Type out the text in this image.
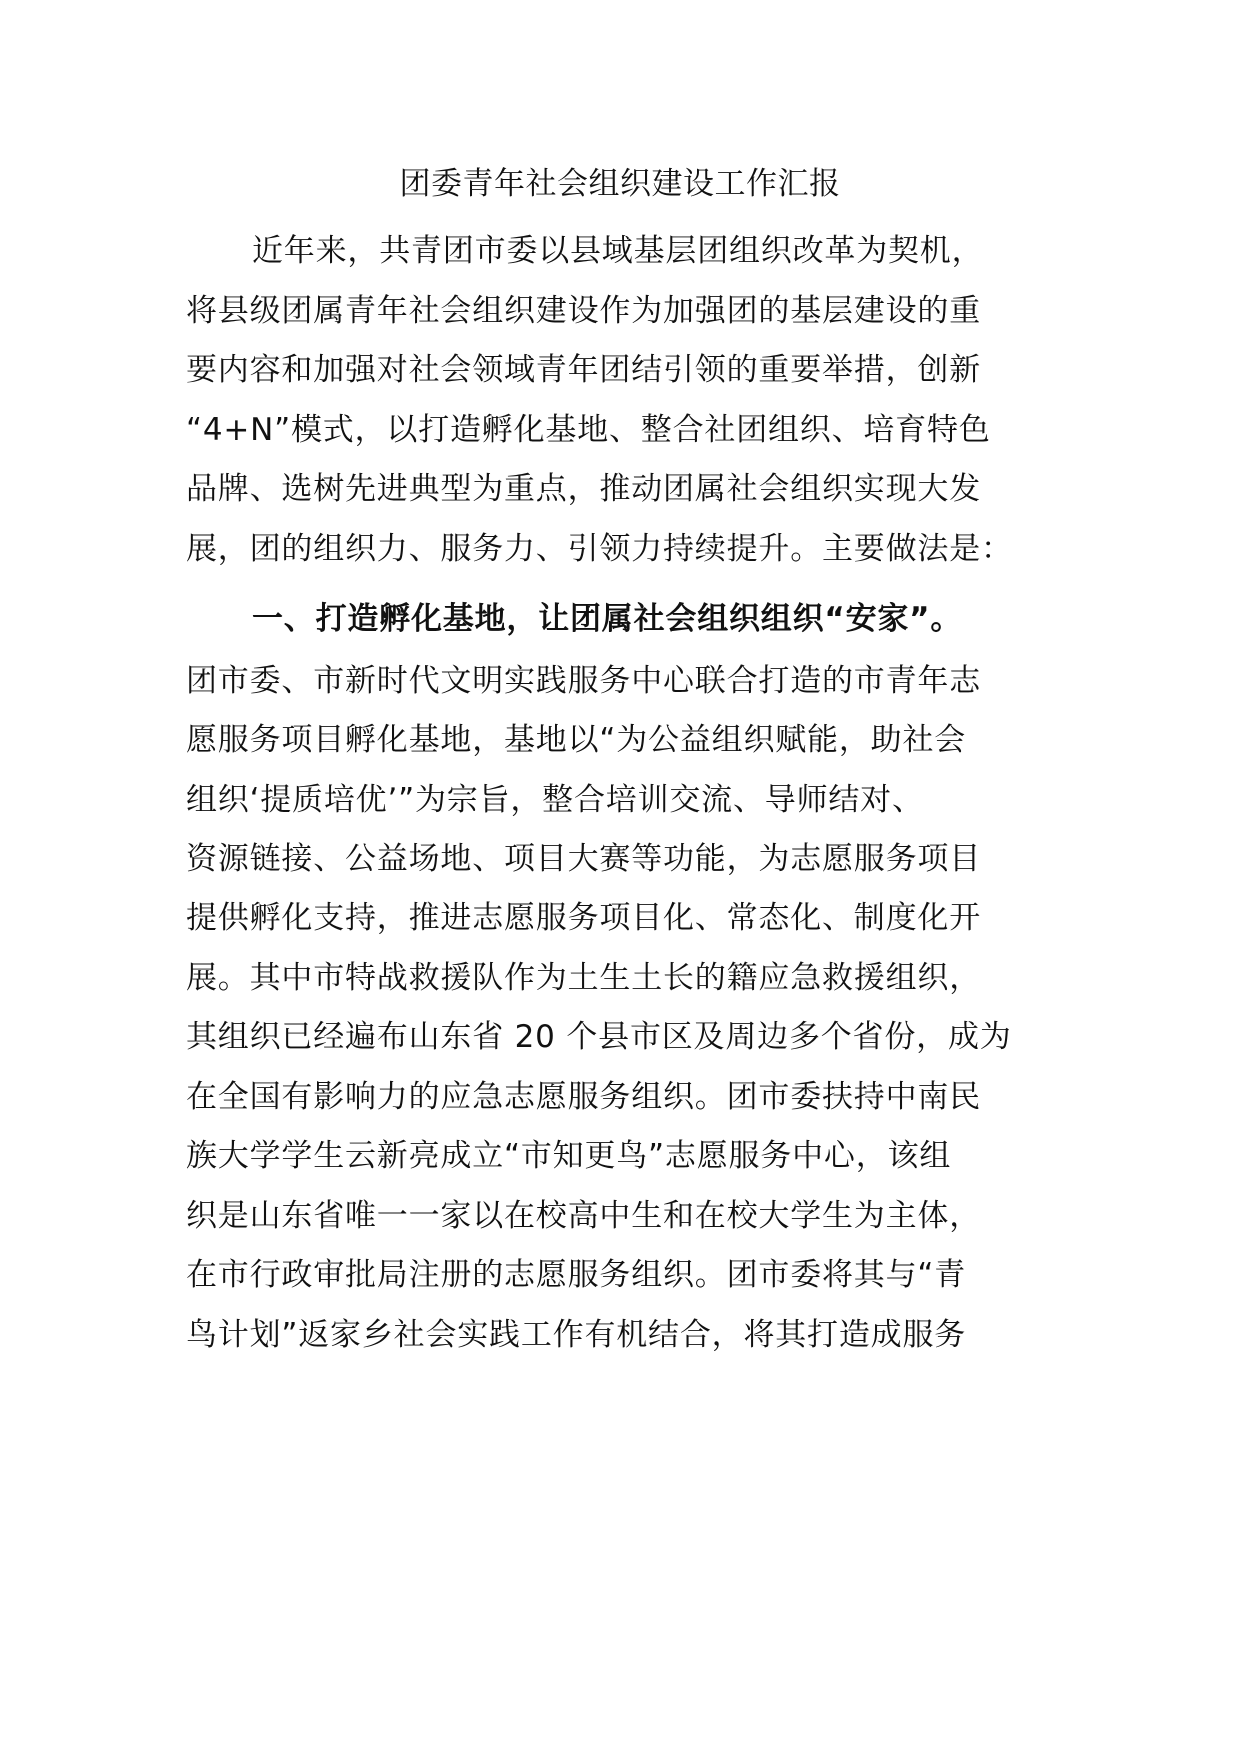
团委青年社会组织建设工作汇报
近年来，共青团市委以县域基层团组织改革为契机，
将县级团属青年社会组织建设作为加强团的基层建设的重
要内容和加强对社会领域青年团结引领的重要举措，创新
“4+N”模式，以打造孵化基地、整合社团组织、培育特色
品牌、选树先进典型为重点，推动团属社会组织实现大发
展，团的组织力、服务力、引领力持续提升。主要做法是：
一、打造孵化基地，让团属社会组织组织“安家”。
团市委、市新时代文明实践服务中心联合打造的市青年志
愿服务项目孵化基地，基地以“为公益组织赋能，助社会
组织‘提质培优’”为宗旨，整合培训交流、导师结对、
资源链接、公益场地、项目大赛等功能，为志愿服务项目
提供孵化支持，推进志愿服务项目化、常态化、制度化开
展。其中市特战救援队作为土生土长的籍应急救援组织，
其组织已经遍布山东省 20 个县市区及周边多个省份，成为
在全国有影响力的应急志愿服务组织。团市委扶持中南民
族大学学生云新亮成立“市知更鸟”志愿服务中心，该组
织是山东省唯一一家以在校高中生和在校大学生为主体，
在市行政审批局注册的志愿服务组织。团市委将其与“青
鸟计划”返家乡社会实践工作有机结合，将其打造成服务
